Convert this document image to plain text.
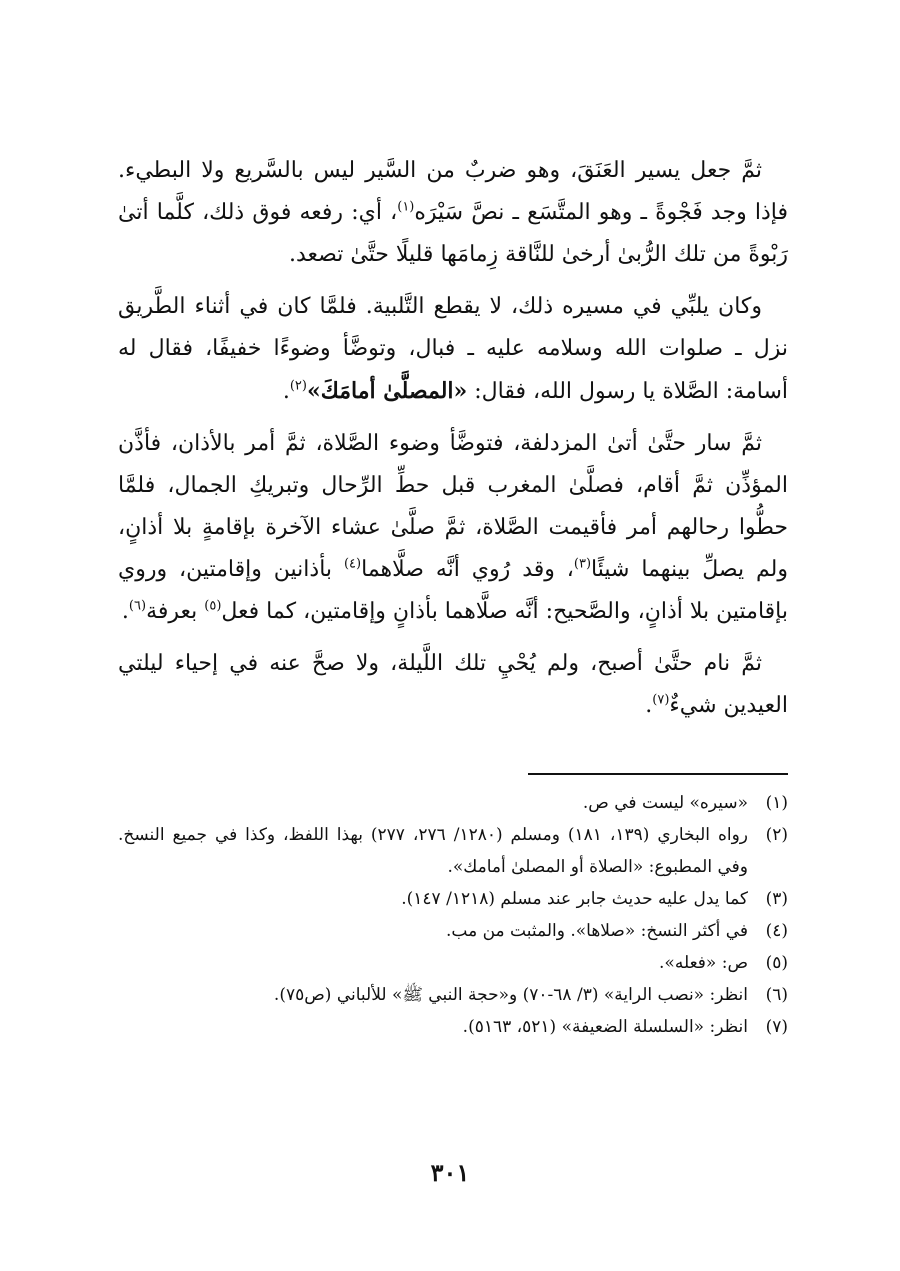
ثمَّ جعل يسير العَنَقَ، وهو ضربٌ من السَّير ليس بالسَّريع ولا البطيء. فإذا وجد فَجْوةً ـ وهو المتَّسَع ـ نصَّ سَيْرَه$^{(١)}$، أي: رفعه فوق ذلك، كلَّما أتىٰ رَبْوةً من تلك الرُّبىٰ أرخىٰ للنَّاقة زِمامَها قليلًا حتَّىٰ تصعد.

وكان يلبِّي في مسيره ذلك، لا يقطع التَّلبية. فلمَّا كان في أثناء الطَّريق نزل ـ صلوات الله وسلامه عليه ـ فبال، وتوضَّأ وضوءًا خفيفًا، فقال له أسامة: الصَّلاة يا رسول الله، فقال: «المصلَّىٰ أمامَكَ»$^{(٢)}$.

ثمَّ سار حتَّىٰ أتىٰ المزدلفة، فتوضَّأ وضوء الصَّلاة، ثمَّ أمر بالأذان، فأذَّن المؤذِّن ثمَّ أقام، فصلَّىٰ المغرب قبل حطِّ الرِّحال وتبريكِ الجمال، فلمَّا حطُّوا رحالهم أمر فأقيمت الصَّلاة، ثمَّ صلَّىٰ عشاء الآخرة بإقامةٍ بلا أذانٍ، ولم يصلِّ بينهما شيئًا$^{(٣)}$، وقد رُوي أنَّه صلَّاهما$^{(٤)}$ بأذانين وإقامتين، وروي بإقامتين بلا أذانٍ، والصَّحيح: أنَّه صلَّاهما بأذانٍ وإقامتين، كما فعل$^{(٥)}$ بعرفة$^{(٦)}$.

ثمَّ نام حتَّىٰ أصبح، ولم يُحْيِ تلك اللَّيلة، ولا صحَّ عنه في إحياء ليلتي العيدين شيءٌ$^{(٧)}$.

(١)
«سيره» ليست في ص.
(٢)
رواه البخاري (١٣٩، ١٨١) ومسلم (١٢٨٠/ ٢٧٦، ٢٧٧) بهذا اللفظ، وكذا في جميع النسخ. وفي المطبوع: «الصلاة أو المصلىٰ أمامك».
(٣)
كما يدل عليه حديث جابر عند مسلم (١٢١٨/ ١٤٧).
(٤)
في أكثر النسخ: «صلاها». والمثبت من مب.
(٥)
ص: «فعله».
(٦)
انظر: «نصب الراية» (٣/ ٦٨-٧٠) و«حجة النبي ﷺ» للألباني (ص٧٥).
(٧)
انظر: «السلسلة الضعيفة» (٥٢١، ٥١٦٣).
٣٠١
